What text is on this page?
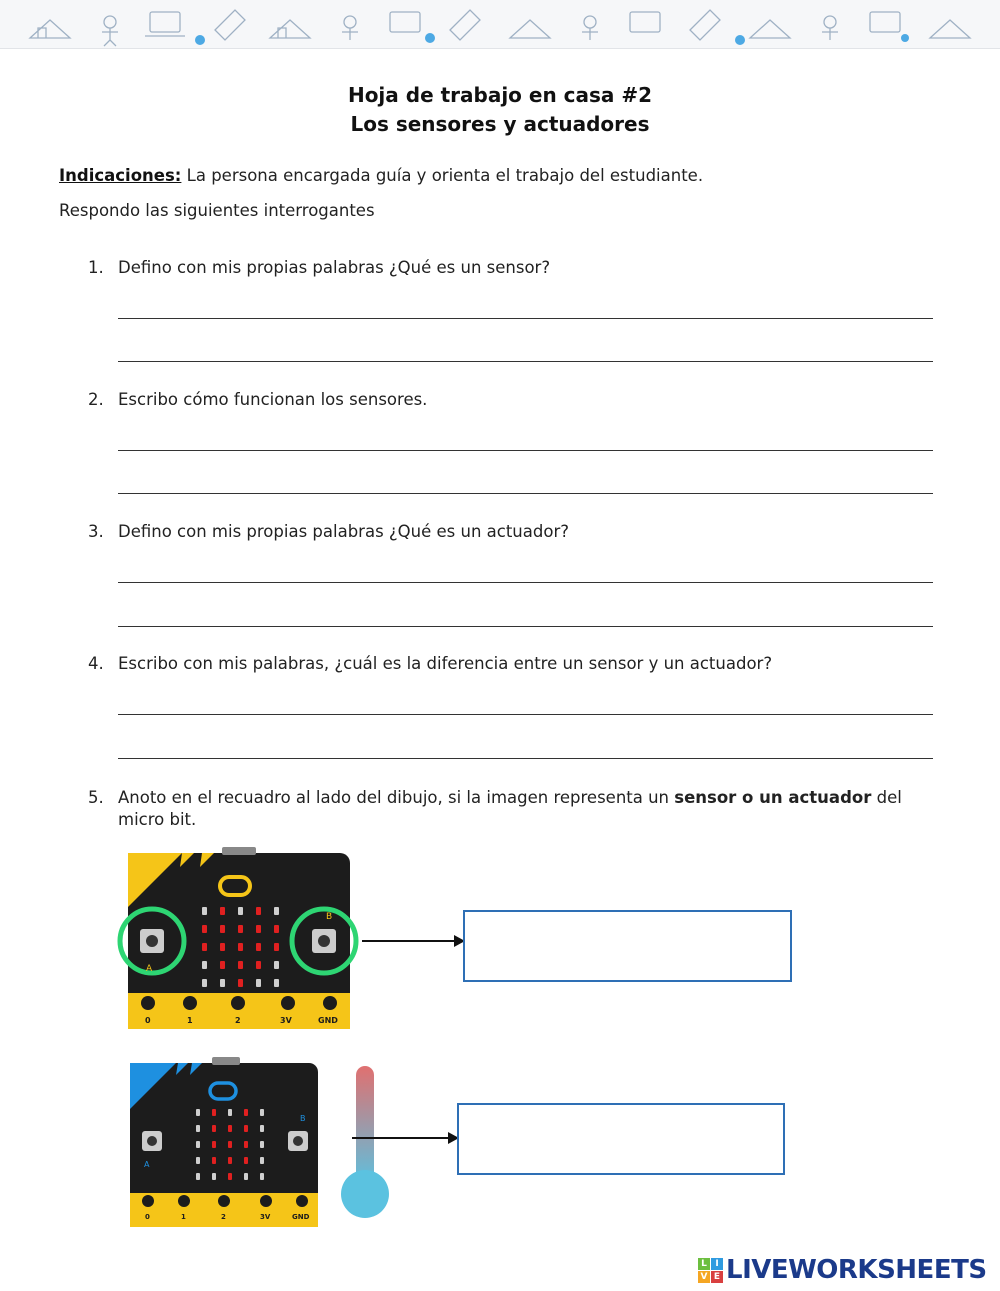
Hoja de trabajo en casa #2
Los sensores y actuadores
Indicaciones: La persona encargada guía y orienta el trabajo del estudiante.
Respondo las siguientes interrogantes
1. Defino con mis propias palabras ¿Qué es un sensor?
2. Escribo cómo funcionan los sensores.
3. Defino con mis propias palabras ¿Qué es un actuador?
4. Escribo con mis palabras, ¿cuál es la diferencia entre un sensor y un actuador?
5. Anoto en el recuadro al lado del dibujo, si la imagen representa un sensor o un actuador del
micro bit.
A
B
0	1	2	3V	GND
A
B
0	1	2	3V	GND
L I
V E LIVEWORKSHEETS
